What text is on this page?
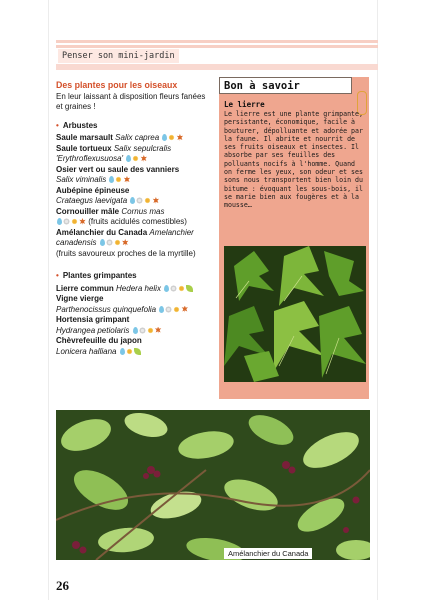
Penser son mini-jardin
Des plantes pour les oiseaux
En leur laissant à disposition fleurs fanées et graines !
• Arbustes
Saule marsault Salix caprea
Saule tortueux Salix sepulcralis
'Erythroflexusuosa'
Osier vert ou saule des vanniers
Salix viminalis
Aubépine épineuse
Crataegus laevigata
Cornouiller mâle Cornus mas

(fruits acidulés comestibles)
Amélanchier du Canada Amelanchier canadensis

(fruits savoureux proches de la myrtille)
• Plantes grimpantes
Lierre commun Hedera helix
Vigne vierge
Parthenocissus quinquefolia
Hortensia grimpant
Hydrangea petiolaris
Chèvrefeuille du japon
Lonicera halliana
Bon à savoir
Le lierre
Le lierre est une plante grimpante, persistante, économique, facile à bouturer, dépolluante et adorée par la faune. Il abrite et nourrit de ses fruits oiseaux et insectes. Il absorbe par ses feuilles des polluants nocifs à l'homme. Quand on ferme les yeux, son odeur et ses sons nous transportent bien loin du bitume : évoquant les sous-bois, il se marie bien aux fougères et à la mousse…
Amélanchier du Canada
26
